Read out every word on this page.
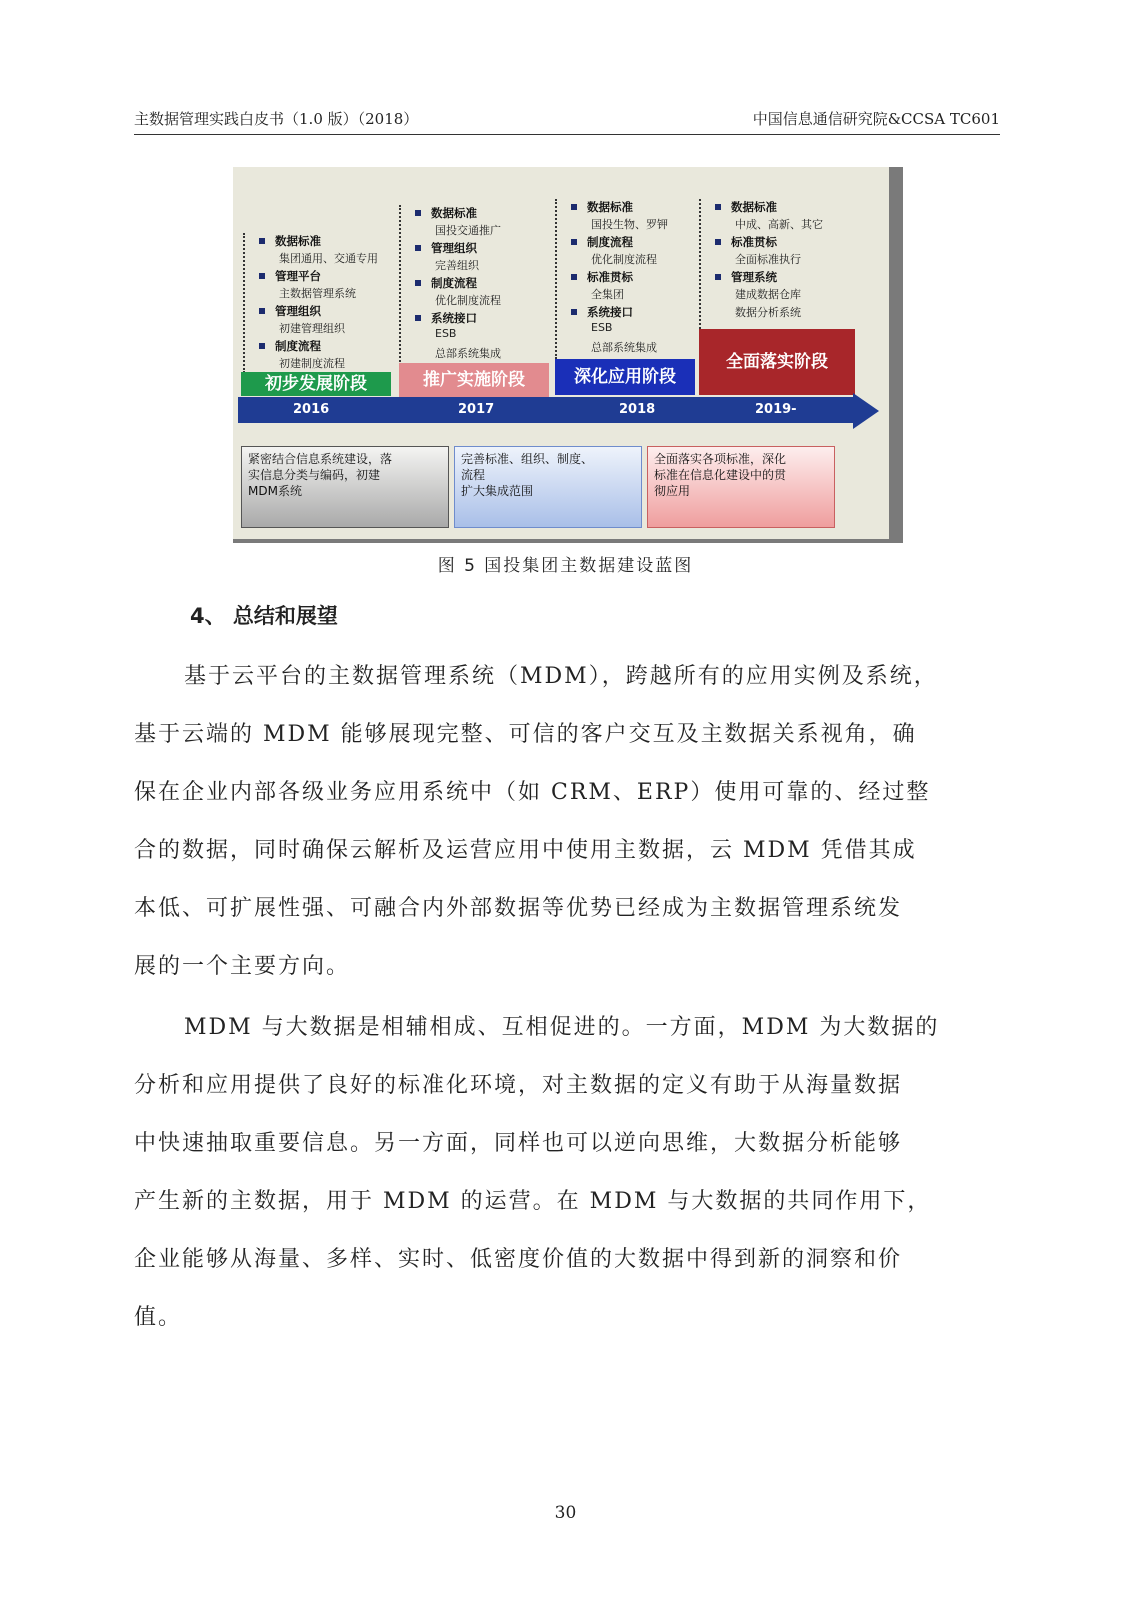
主数据管理实践白皮书（1.0 版）（2018）	中国信息通信研究院&CCSA TC601
数据标准
集团通用、交通专用
管理平台
主数据管理系统
管理组织
初建管理组织
制度流程
初建制度流程
数据标准
国投交通推广
管理组织
完善组织
制度流程
优化制度流程
系统接口
ESB
总部系统集成
数据标准
国投生物、罗钾
制度流程
优化制度流程
标准贯标
全集团
系统接口
ESB
总部系统集成
数据标准
中成、高新、其它
标准贯标
全面标准执行
管理系统
建成数据仓库
数据分析系统
初步发展阶段	推广实施阶段	深化应用阶段
全面落实阶段
2016	2017	2018	2019-
紧密结合信息系统建设，落
实信息分类与编码，初建
MDM系统
完善标准、组织、制度、
流程
扩大集成范围
全面落实各项标准，深化
标准在信息化建设中的贯
彻应用
图 5 国投集团主数据建设蓝图
4、 总结和展望
基于云平台的主数据管理系统（MDM），跨越所有的应用实例及系统，
基于云端的 MDM 能够展现完整、可信的客户交互及主数据关系视角，确
保在企业内部各级业务应用系统中（如 CRM、ERP）使用可靠的、经过整
合的数据，同时确保云解析及运营应用中使用主数据，云 MDM 凭借其成
本低、可扩展性强、可融合内外部数据等优势已经成为主数据管理系统发
展的一个主要方向。
MDM 与大数据是相辅相成、互相促进的。一方面，MDM 为大数据的
分析和应用提供了良好的标准化环境，对主数据的定义有助于从海量数据
中快速抽取重要信息。另一方面，同样也可以逆向思维，大数据分析能够
产生新的主数据，用于 MDM 的运营。在 MDM 与大数据的共同作用下，
企业能够从海量、多样、实时、低密度价值的大数据中得到新的洞察和价
值。
30
